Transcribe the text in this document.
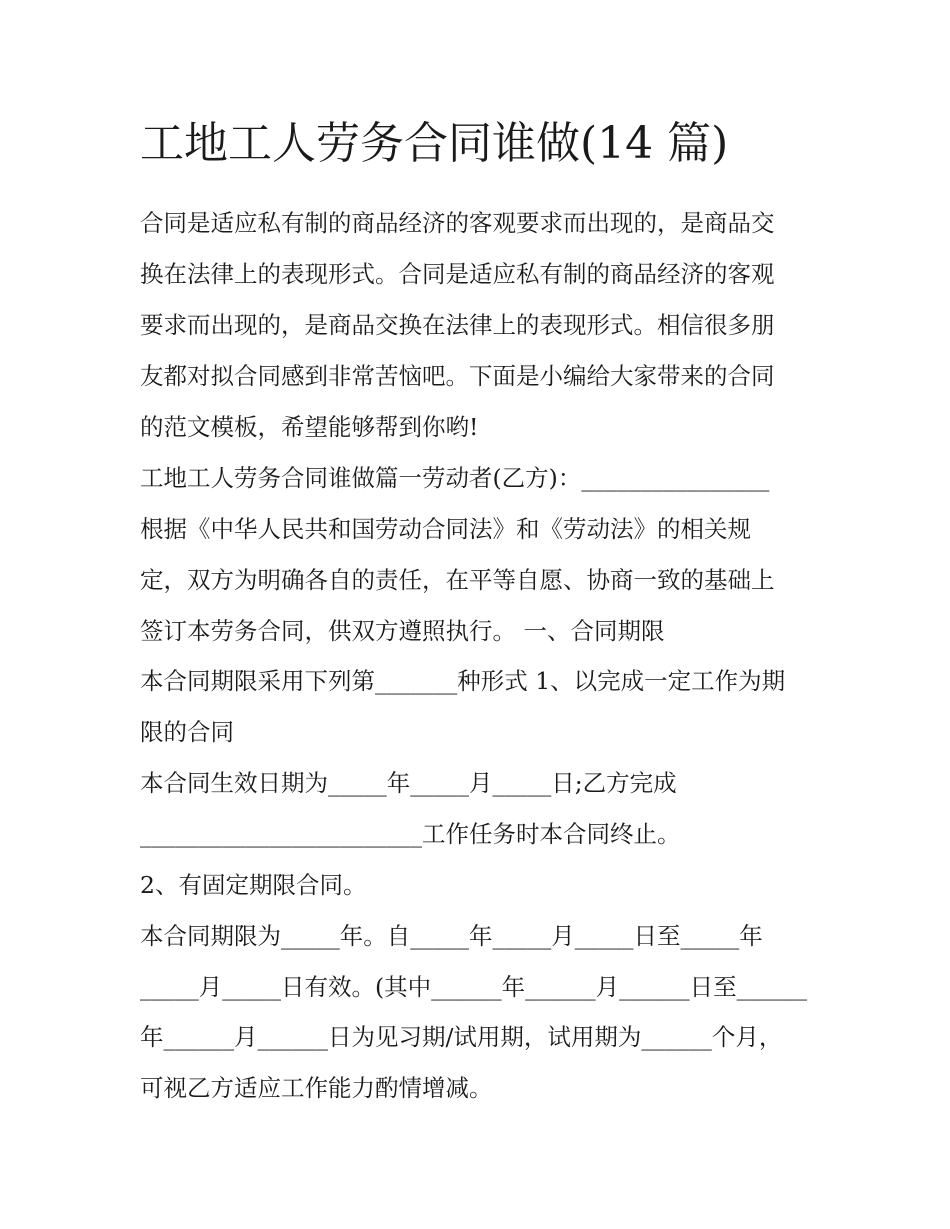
工地工人劳务合同谁做(14 篇)
合同是适应私有制的商品经济的客观要求而出现的，是商品交
换在法律上的表现形式。合同是适应私有制的商品经济的客观
要求而出现的，是商品交换在法律上的表现形式。相信很多朋
友都对拟合同感到非常苦恼吧。下面是小编给大家带来的合同
的范文模板，希望能够帮到你哟!
工地工人劳务合同谁做篇一劳动者(乙方)：________________
根据《中华人民共和国劳动合同法》和《劳动法》的相关规
定，双方为明确各自的责任，在平等自愿、协商一致的基础上
签订本劳务合同，供双方遵照执行。 一、合同期限
本合同期限采用下列第_______种形式 1、以完成一定工作为期
限的合同
本合同生效日期为_____年_____月_____日;乙方完成
________________________工作任务时本合同终止。
2、有固定期限合同。
本合同期限为_____年。自_____年_____月_____日至_____年
_____月_____日有效。(其中______年______月______日至______
年______月______日为见习期/试用期，试用期为______个月，
可视乙方适应工作能力酌情增减。
